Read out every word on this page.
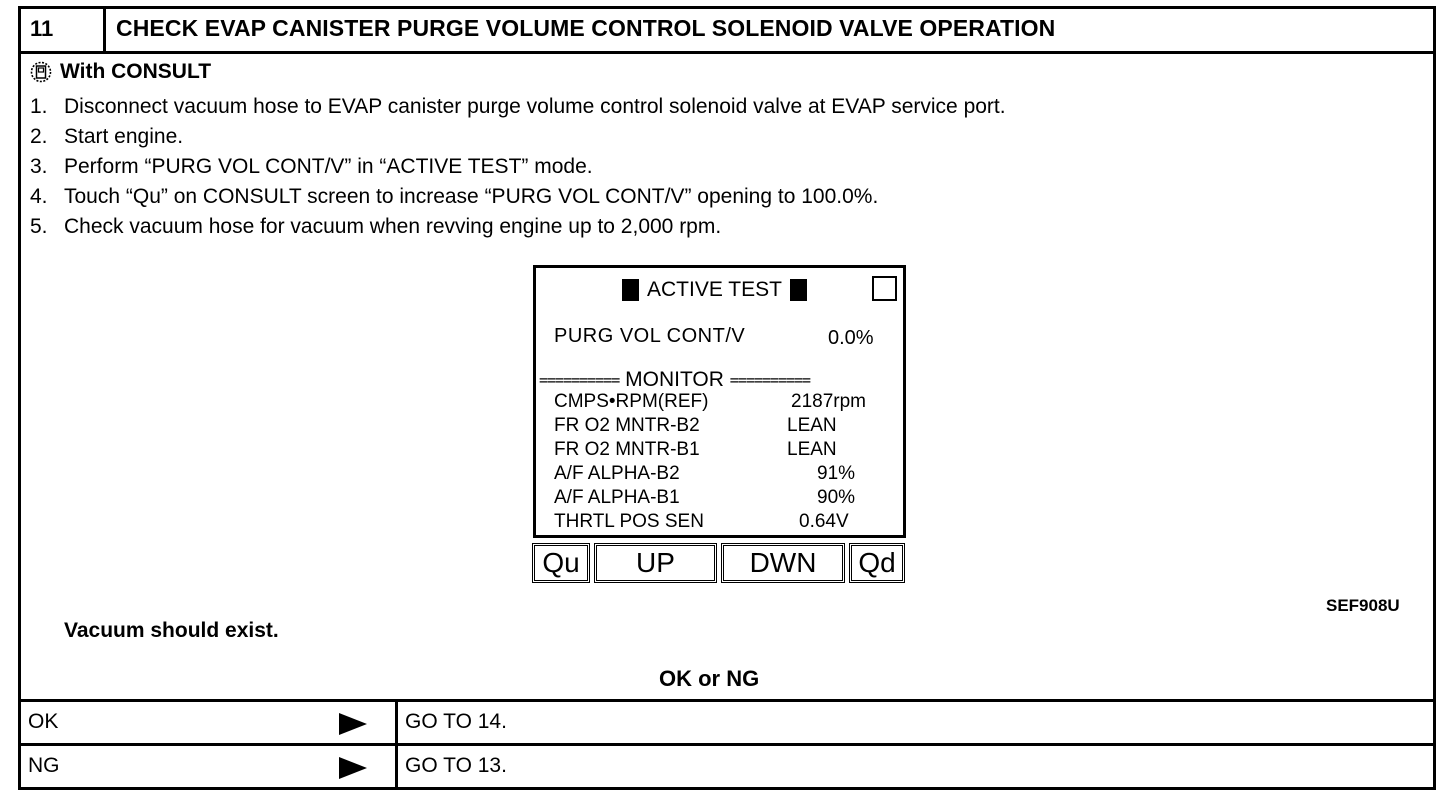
11	CHECK EVAP CANISTER PURGE VOLUME CONTROL SOLENOID VALVE OPERATION
With CONSULT
1. Disconnect vacuum hose to EVAP canister purge volume control solenoid valve at EVAP service port.
2. Start engine.
3. Perform “PURG VOL CONT/V” in “ACTIVE TEST” mode.
4. Touch “Qu” on CONSULT screen to increase “PURG VOL CONT/V” opening to 100.0%.
5. Check vacuum hose for vacuum when revving engine up to 2,000 rpm.
ACTIVE TEST
PURG VOL CONT/V	0.0%
==========
MONITOR
==========
CMPS•RPM(REF)	2187rpm
FR O2 MNTR-B2	LEAN
FR O2 MNTR-B1	LEAN
A/F ALPHA-B2	91%
A/F ALPHA-B1	90%
THRTL POS SEN	0.64V
Qu	UP	DWN	Qd
SEF908U
Vacuum should exist.
OK or NG
OK	GO TO 14.
NG	GO TO 13.
